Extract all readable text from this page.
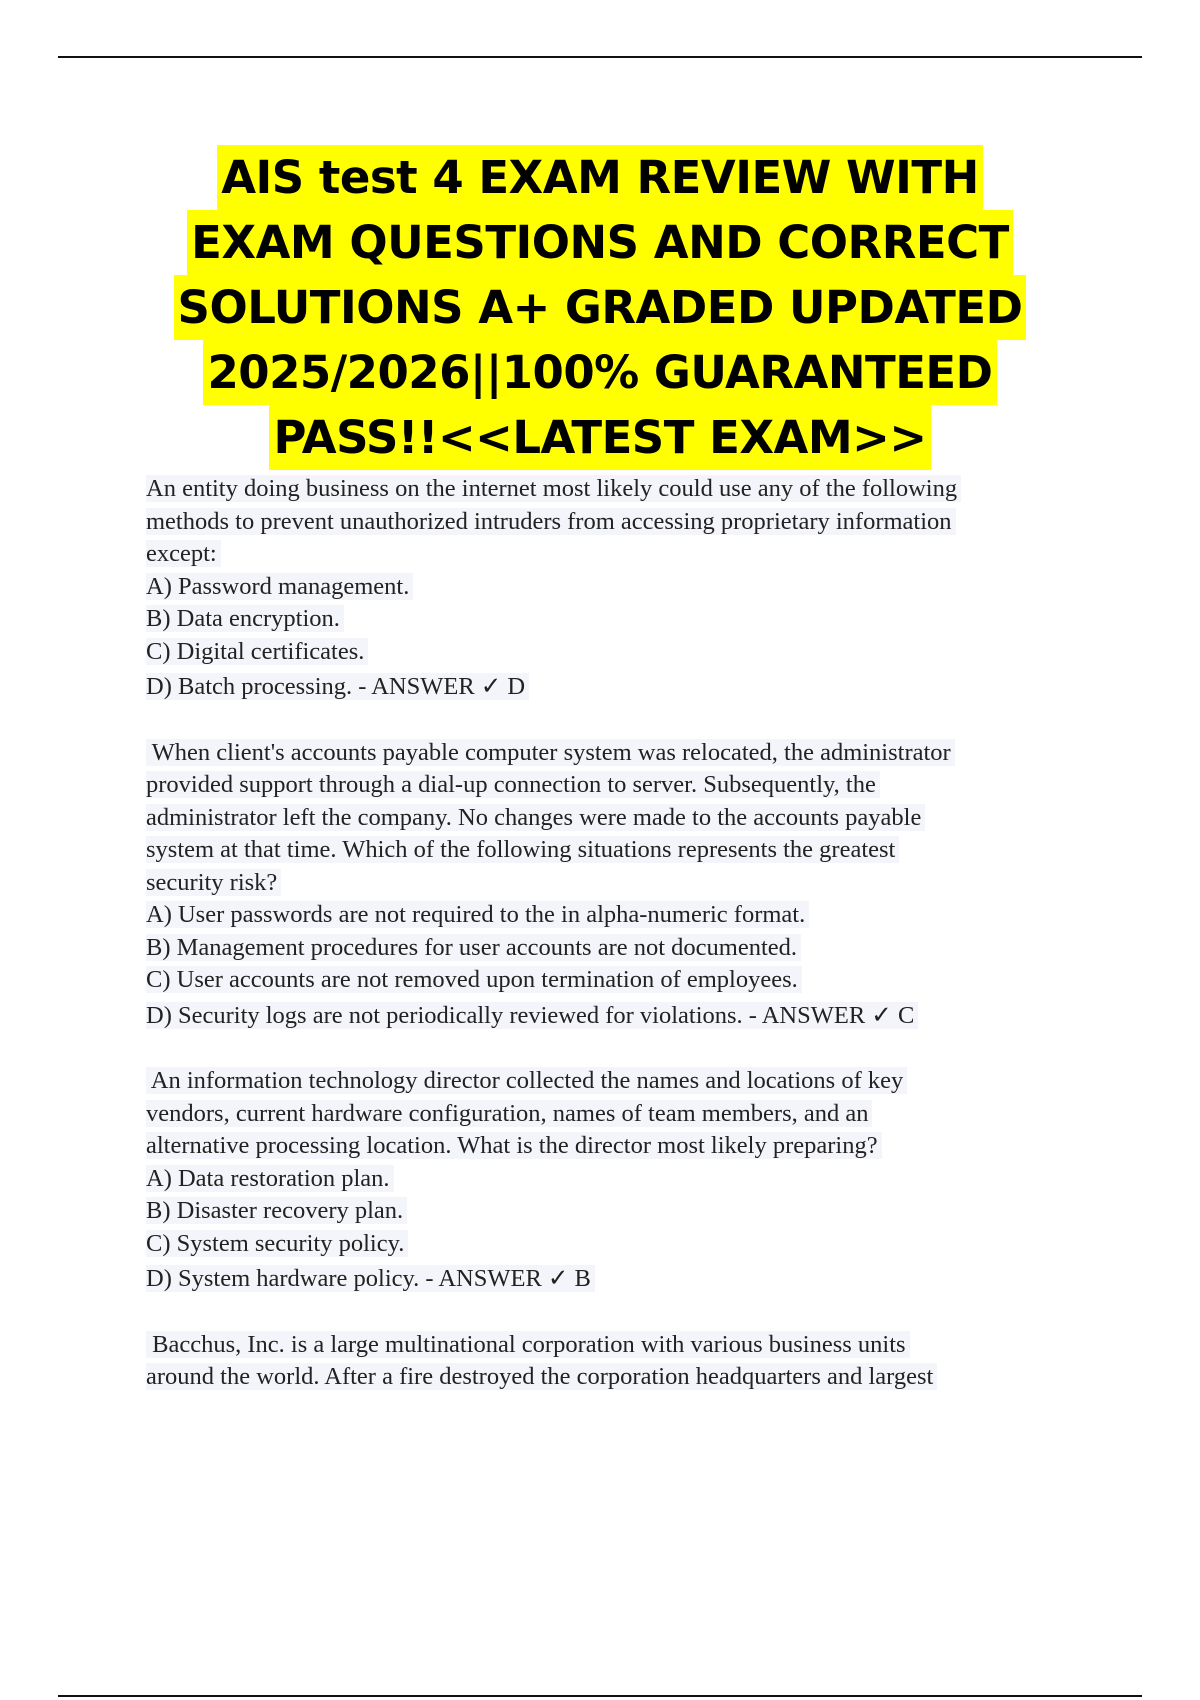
AIS test 4 EXAM REVIEW WITH
EXAM QUESTIONS AND CORRECT
SOLUTIONS A+ GRADED UPDATED
2025/2026||100% GUARANTEED
PASS!!<<LATEST EXAM>>
An entity doing business on the internet most likely could use any of the following
methods to prevent unauthorized intruders from accessing proprietary information
except:
A) Password management.
B) Data encryption.
C) Digital certificates.
D) Batch processing. - ANSWER ✓ D
When client's accounts payable computer system was relocated, the administrator
provided support through a dial-up connection to server. Subsequently, the
administrator left the company. No changes were made to the accounts payable
system at that time. Which of the following situations represents the greatest
security risk?
A) User passwords are not required to the in alpha-numeric format.
B) Management procedures for user accounts are not documented.
C) User accounts are not removed upon termination of employees.
D) Security logs are not periodically reviewed for violations. - ANSWER ✓ C
An information technology director collected the names and locations of key
vendors, current hardware configuration, names of team members, and an
alternative processing location. What is the director most likely preparing?
A) Data restoration plan.
B) Disaster recovery plan.
C) System security policy.
D) System hardware policy. - ANSWER ✓ B
Bacchus, Inc. is a large multinational corporation with various business units
around the world. After a fire destroyed the corporation headquarters and largest
